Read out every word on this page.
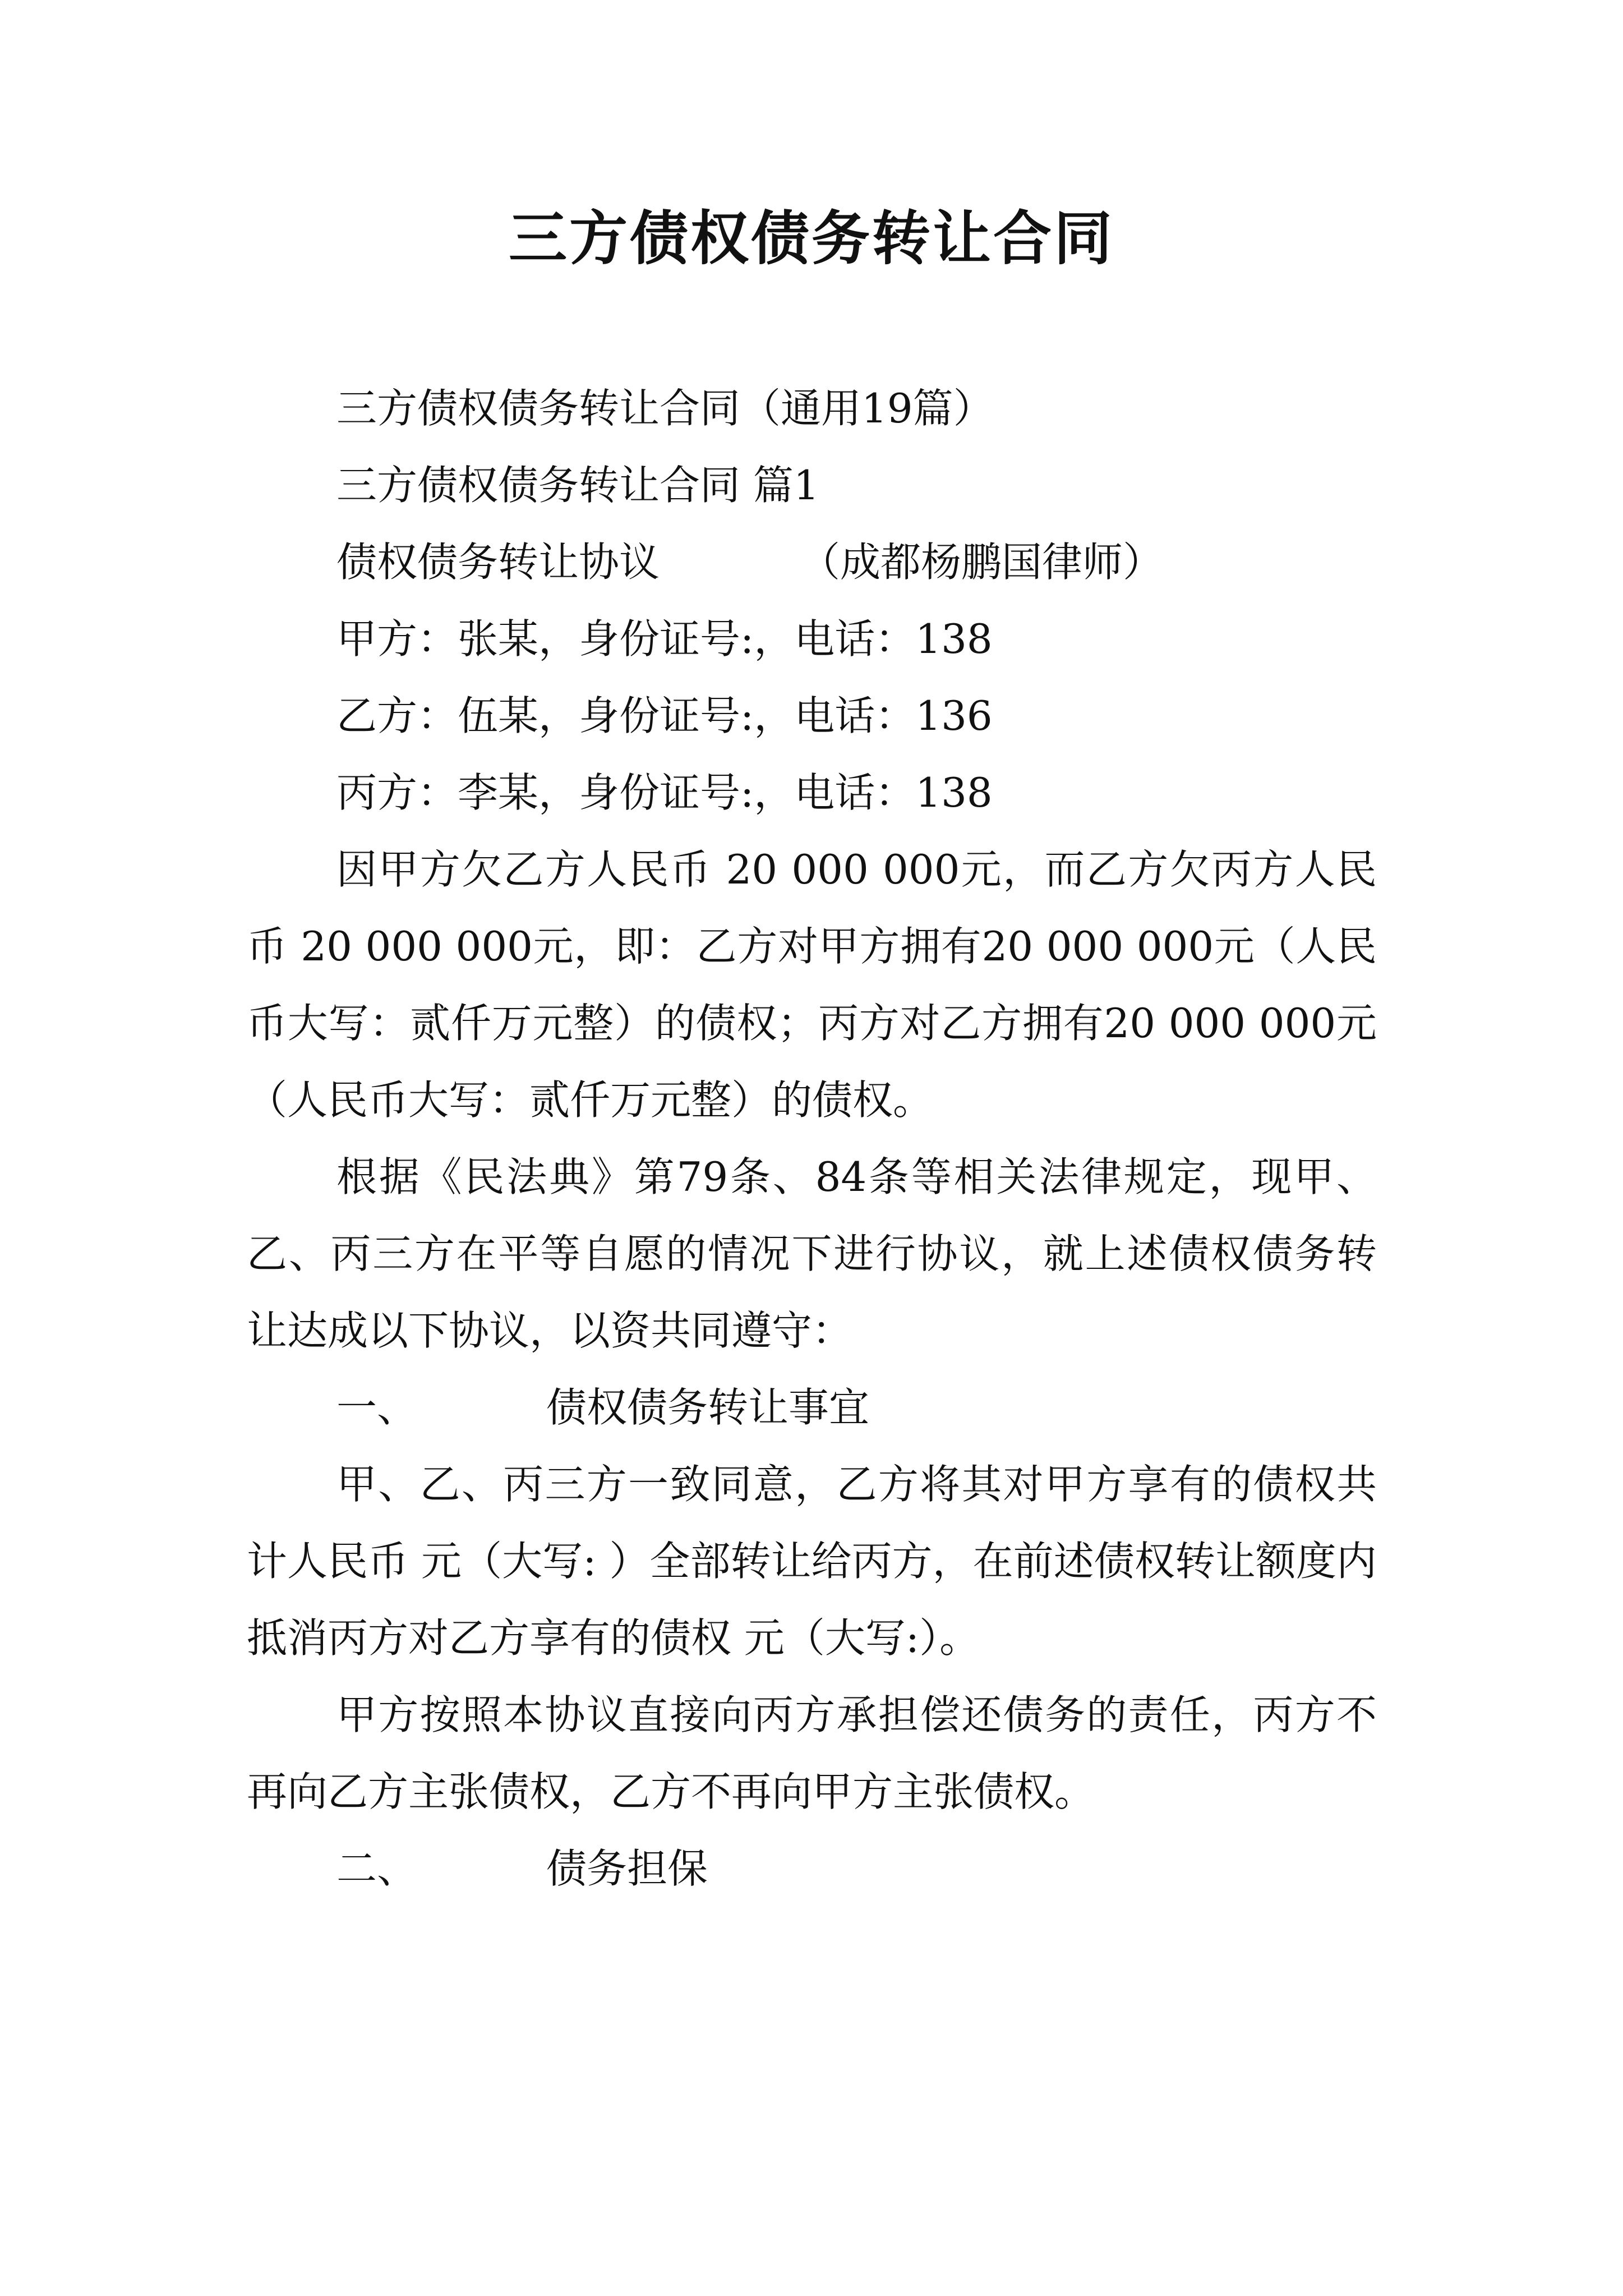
三方债权债务转让合同

三方债权债务转让合同（通用19篇）

三方债权债务转让合同 篇1

债权债务转让协议	（成都杨鹏国律师）

甲方：张某，身份证号:，电话：138

乙方：伍某，身份证号:，电话：136

丙方：李某，身份证号:，电话：138

因甲方欠乙方人民币 20 000 000元，而乙方欠丙方人民币 20 000 000元，即：乙方对甲方拥有20 000 000元（人民币大写：贰仟万元整）的债权；丙方对乙方拥有20 000 000元（人民币大写：贰仟万元整）的债权。

根据《民法典》第79条、84条等相关法律规定，现甲、乙、丙三方在平等自愿的情况下进行协议，就上述债权债务转让达成以下协议，以资共同遵守：

一、	债权债务转让事宜

甲、乙、丙三方一致同意，乙方将其对甲方享有的债权共计人民币 元（大写: ）全部转让给丙方，在前述债权转让额度内抵消丙方对乙方享有的债权 元（大写:）。

甲方按照本协议直接向丙方承担偿还债务的责任，丙方不再向乙方主张债权，乙方不再向甲方主张债权。

二、	债务担保
